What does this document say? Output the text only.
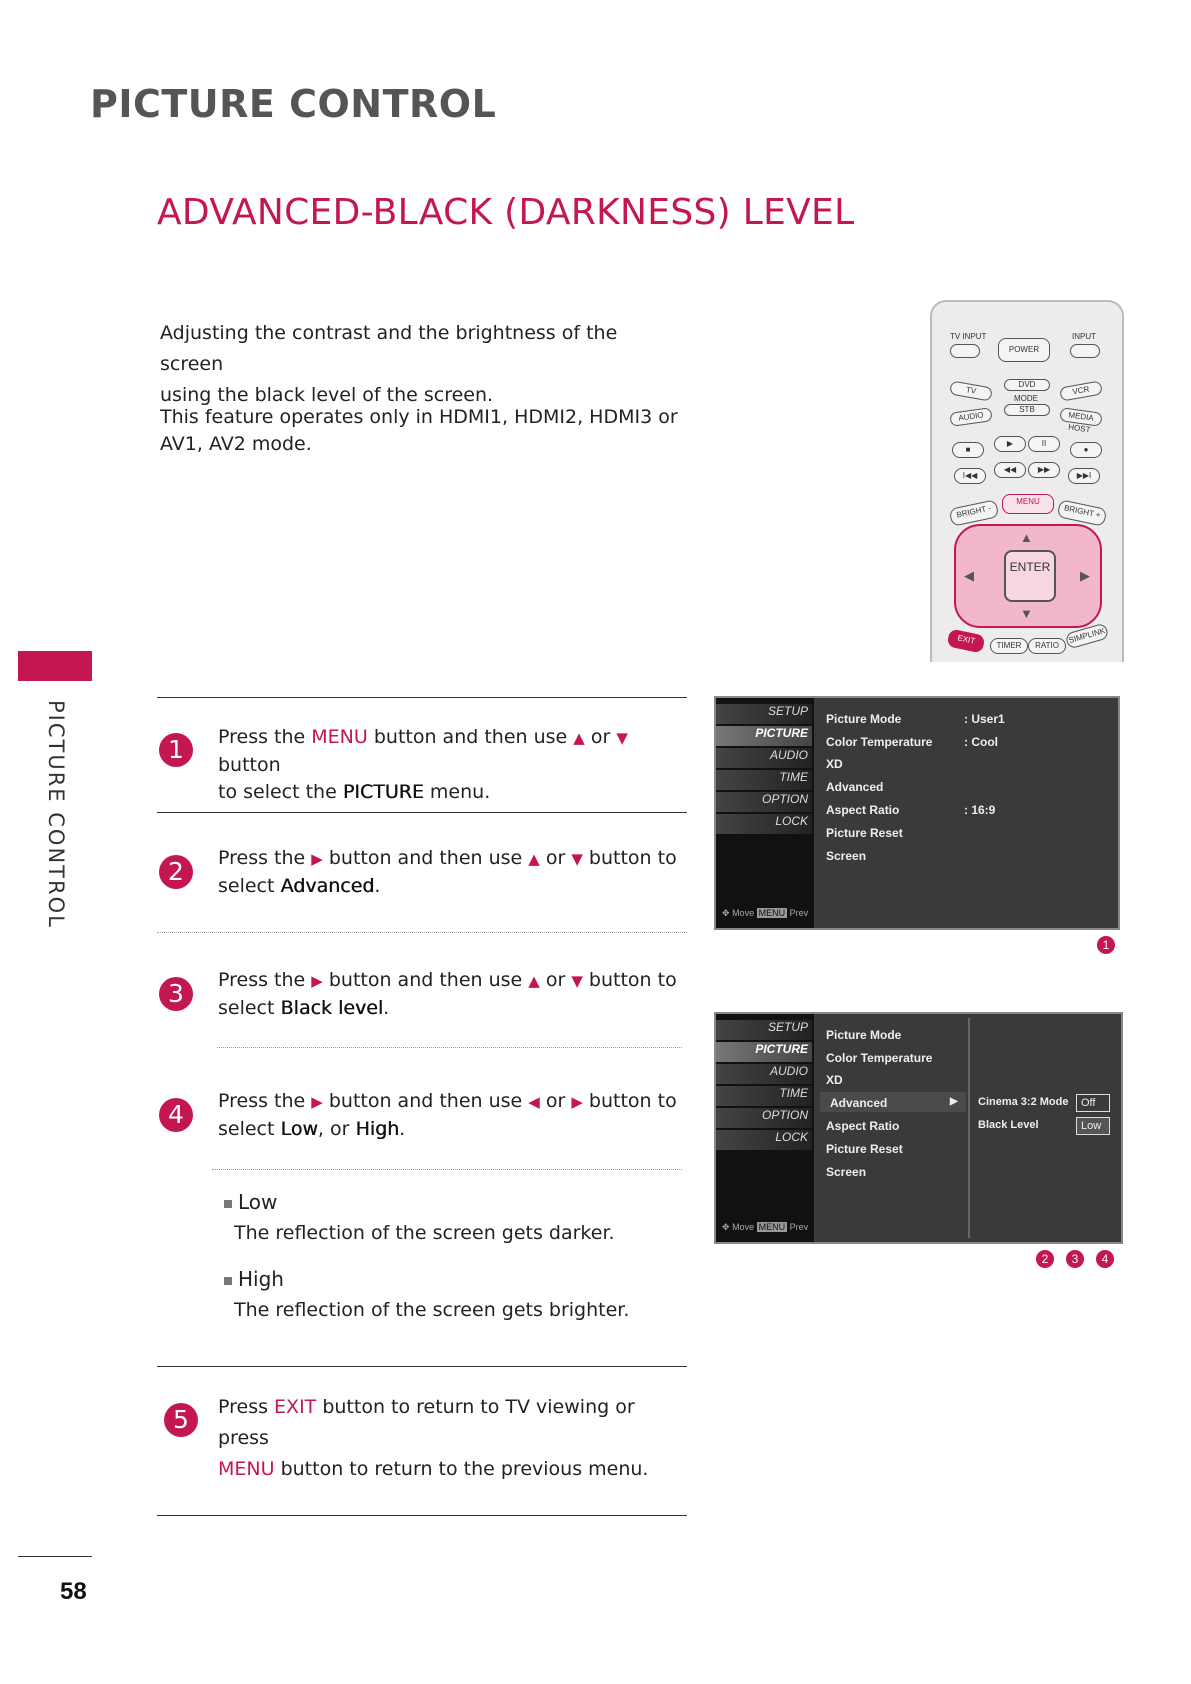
PICTURE CONTROL
ADVANCED-BLACK (DARKNESS) LEVEL
Adjusting the contrast and the brightness of the screen
using the black level of the screen.
This feature operates only in HDMI1, HDMI2, HDMI3 or
AV1, AV2 mode.
PICTURE CONTROL
58
1	Press the MENU button and then use ▲ or ▼ button
to select the PICTURE menu.
2	Press the ▶ button and then use ▲ or ▼ button to
select Advanced.
3	Press the ▶ button and then use ▲ or ▼ button to
select Black level.
4	Press the ▶ button and then use ◀ or ▶ button to
select Low, or High.
Low
The reflection of the screen gets darker.
High
The reflection of the screen gets brighter.
5	Press EXIT button to return to TV viewing or press
MENU button to return to the previous menu.
TV INPUT
POWER
INPUT
TV
DVD
VCR
MODE
AUDIO
STB
MEDIA HOST
■
▶	II
●
I◀◀
◀◀	▶▶
▶▶I
BRIGHT -
MENU
BRIGHT +
▲
▼
◀	▶
ENTER
EXIT	TIMER	RATIO
SIMPLINK
SETUP
PICTURE
AUDIO
TIME
OPTION
LOCK
✥ Move MENU Prev
Picture Mode	: User1
Color Temperature	: Cool
XD
Advanced
Aspect Ratio	: 16:9
Picture Reset
Screen
1
SETUP
PICTURE
AUDIO
TIME
OPTION
LOCK
✥ Move MENU Prev
Picture Mode
Color Temperature
XD
Advanced	▶
Aspect Ratio
Picture Reset
Screen
Cinema 3:2 Mode	Off
Black Level	Low
2	3	4
